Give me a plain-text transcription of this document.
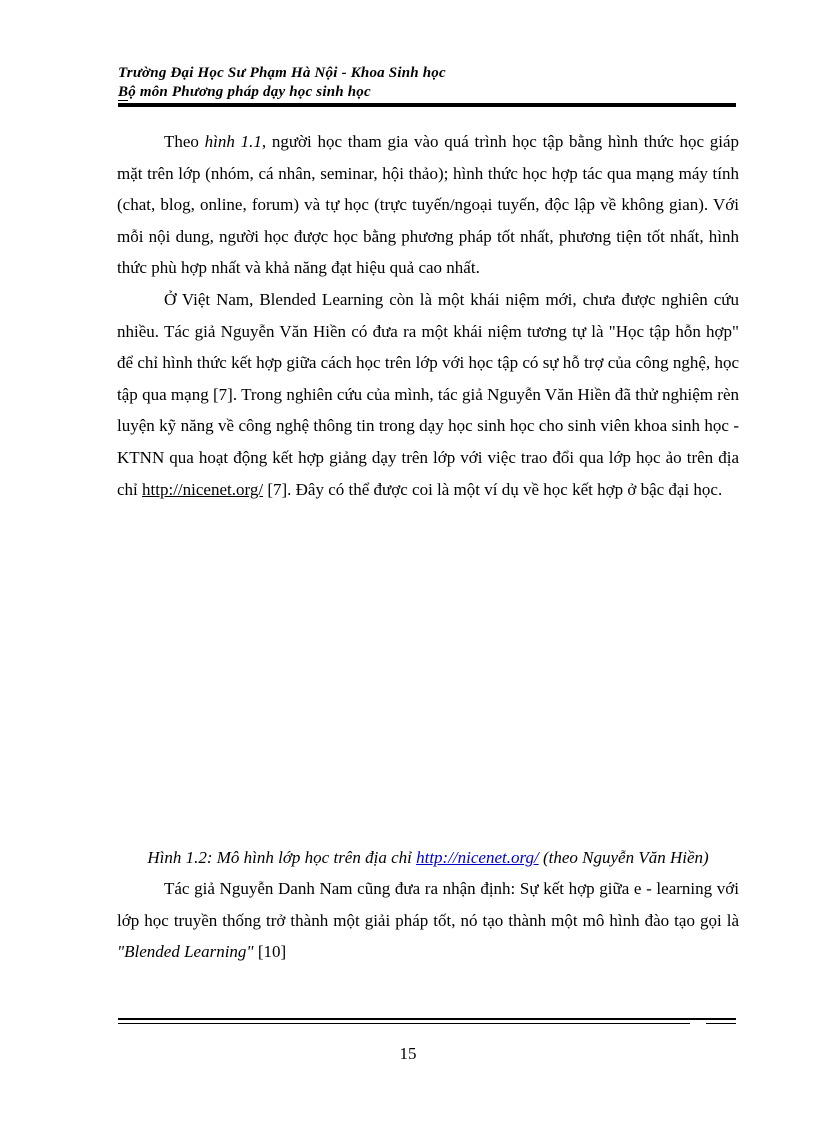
Trường Đại Học Sư Phạm Hà Nội - Khoa Sinh học
Bộ môn Phương pháp dạy học sinh học

Theo hình 1.1, người học tham gia vào quá trình học tập bằng hình thức học giáp mặt trên lớp (nhóm, cá nhân, seminar, hội thảo); hình thức học hợp tác qua mạng máy tính (chat, blog, online, forum) và tự học (trực tuyến/ngoại tuyến, độc lập về không gian). Với mỗi nội dung, người học được học bằng phương pháp tốt nhất, phương tiện tốt nhất, hình thức phù hợp nhất và khả năng đạt hiệu quả cao nhất.

Ở Việt Nam, Blended Learning còn là một khái niệm mới, chưa được nghiên cứu nhiều. Tác giả Nguyễn Văn Hiền có đưa ra một khái niệm tương tự là "Học tập hỗn hợp" để chỉ hình thức kết hợp giữa cách học trên lớp với học tập có sự hỗ trợ của công nghệ, học tập qua mạng [7]. Trong nghiên cứu của mình, tác giả Nguyễn Văn Hiền đã thử nghiệm rèn luyện kỹ năng về công nghệ thông tin trong dạy học sinh học cho sinh viên khoa sinh học - KTNN qua hoạt động kết hợp giảng dạy trên lớp với việc trao đổi qua lớp học ảo trên địa chỉ http://nicenet.org/ [7]. Đây có thể được coi là một ví dụ về học kết hợp ở bậc đại học.

Hình 1.2: Mô hình lớp học trên địa chỉ http://nicenet.org/ (theo Nguyễn Văn Hiền)

Tác giả Nguyễn Danh Nam cũng đưa ra nhận định: Sự kết hợp giữa e - learning với lớp học truyền thống trở thành một giải pháp tốt, nó tạo thành một mô hình đào tạo gọi là "Blended Learning" [10]

15
